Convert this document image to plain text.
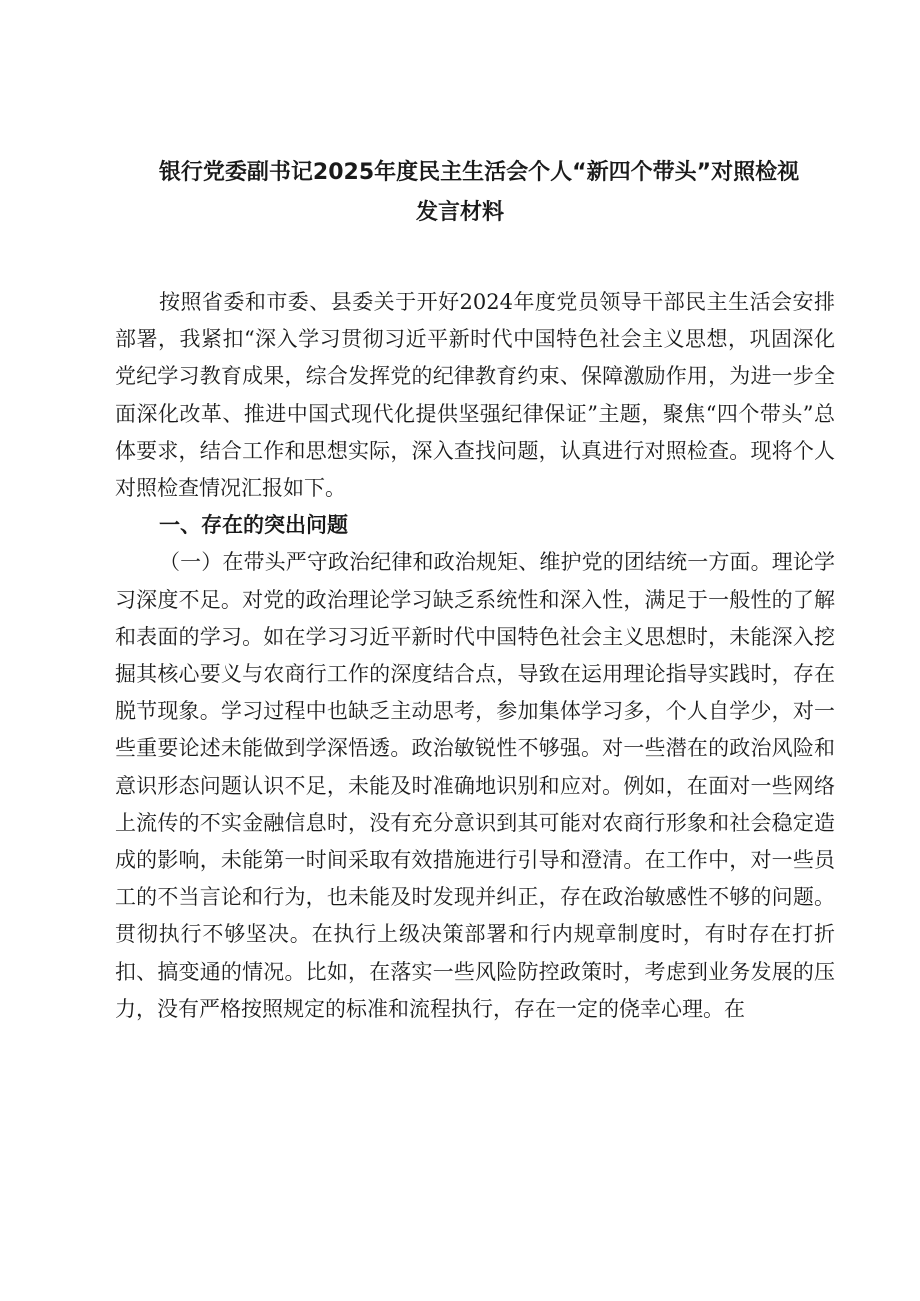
银行党委副书记2025年度民主生活会个人“新四个带头”对照检视
发言材料

按照省委和市委、县委关于开好2024年度党员领导干部民主生活会安排部署，我紧扣“深入学习贯彻习近平新时代中国特色社会主义思想，巩固深化党纪学习教育成果，综合发挥党的纪律教育约束、保障激励作用，为进一步全面深化改革、推进中国式现代化提供坚强纪律保证”主题，聚焦“四个带头”总体要求，结合工作和思想实际，深入查找问题，认真进行对照检查。现将个人对照检查情况汇报如下。

一、存在的突出问题

（一）在带头严守政治纪律和政治规矩、维护党的团结统一方面。理论学习深度不足。对党的政治理论学习缺乏系统性和深入性，满足于一般性的了解和表面的学习。如在学习习近平新时代中国特色社会主义思想时，未能深入挖掘其核心要义与农商行工作的深度结合点，导致在运用理论指导实践时，存在脱节现象。学习过程中也缺乏主动思考，参加集体学习多，个人自学少，对一些重要论述未能做到学深悟透。政治敏锐性不够强。对一些潜在的政治风险和意识形态问题认识不足，未能及时准确地识别和应对。例如，在面对一些网络上流传的不实金融信息时，没有充分意识到其可能对农商行形象和社会稳定造成的影响，未能第一时间采取有效措施进行引导和澄清。在工作中，对一些员工的不当言论和行为，也未能及时发现并纠正，存在政治敏感性不够的问题。贯彻执行不够坚决。在执行上级决策部署和行内规章制度时，有时存在打折扣、搞变通的情况。比如，在落实一些风险防控政策时，考虑到业务发展的压力，没有严格按照规定的标准和流程执行，存在一定的侥幸心理。在
